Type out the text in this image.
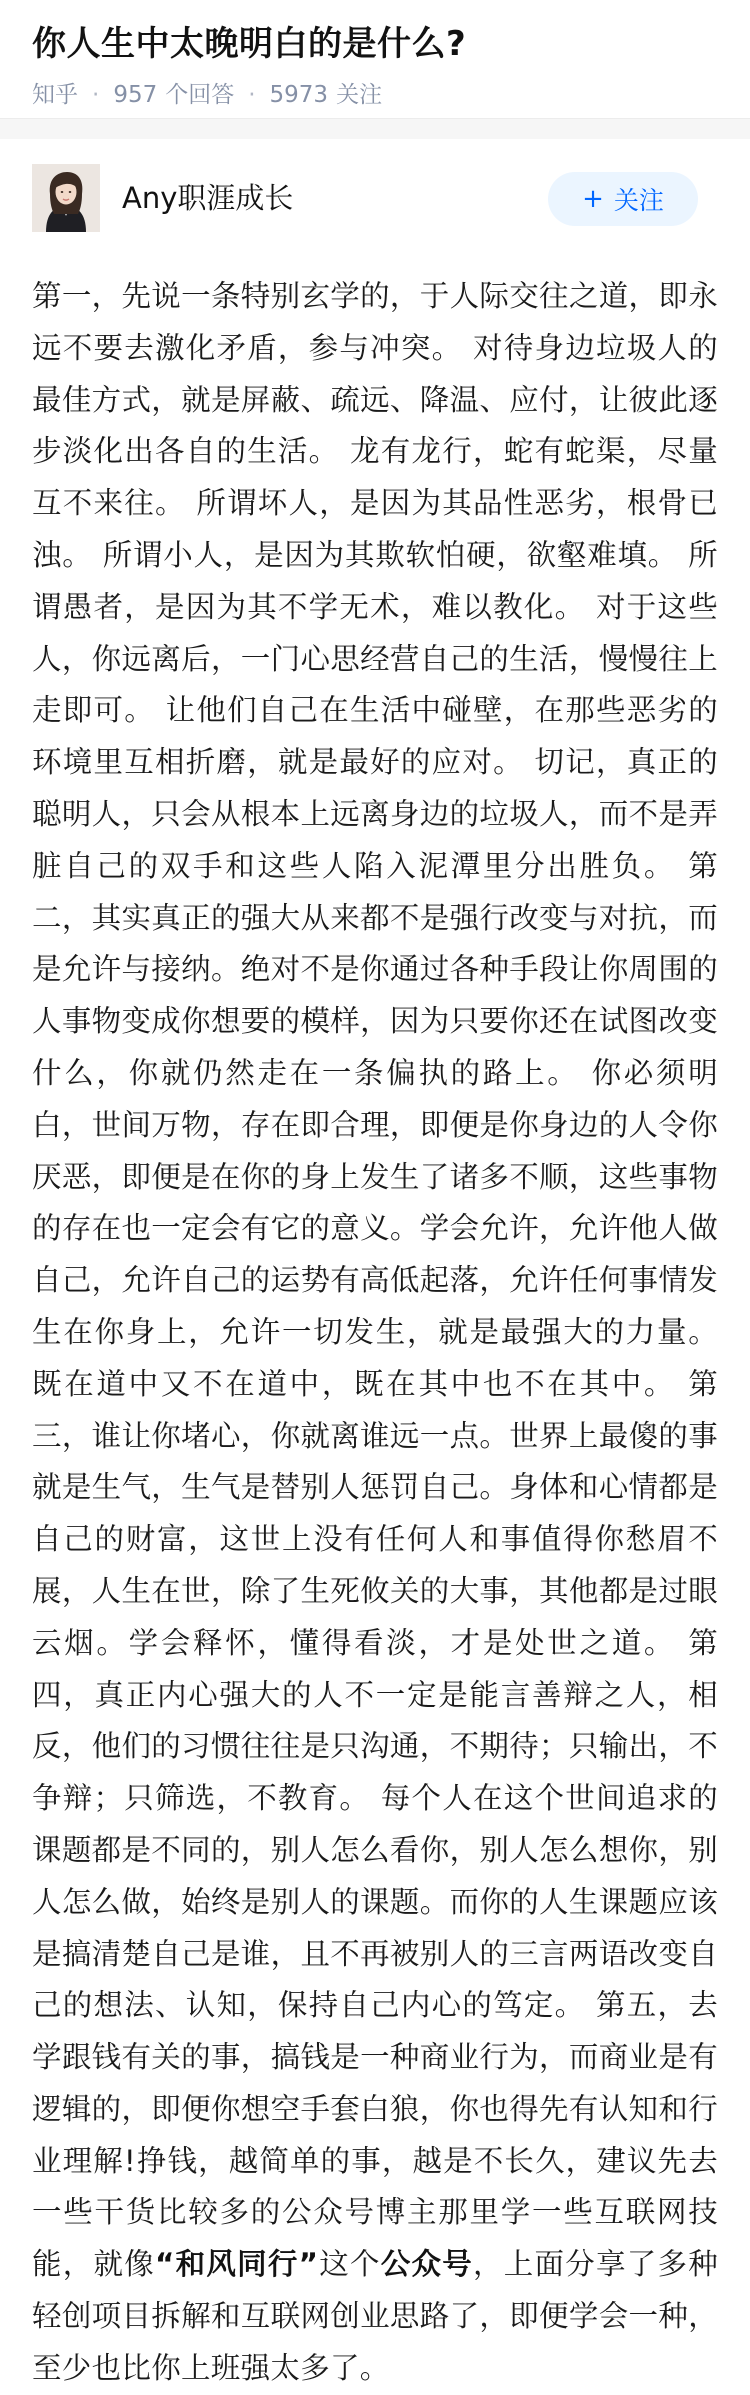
你人生中太晚明白的是什么?
知乎 · 957 个回答 · 5973 关注
Any职涯成长	+ 关注

第一，先说一条特别玄学的，于人际交往之道，即永远不要去激化矛盾，参与冲突。 对待身边垃圾人的最佳方式，就是屏蔽、疏远、降温、应付，让彼此逐步淡化出各自的生活。 龙有龙行，蛇有蛇渠，尽量互不来往。 所谓坏人，是因为其品性恶劣，根骨已浊。 所谓小人，是因为其欺软怕硬，欲壑难填。 所谓愚者，是因为其不学无术，难以教化。 对于这些人，你远离后，一门心思经营自己的生活，慢慢往上走即可。 让他们自己在生活中碰壁，在那些恶劣的环境里互相折磨，就是最好的应对。 切记，真正的聪明人，只会从根本上远离身边的垃圾人，而不是弄脏自己的双手和这些人陷入泥潭里分出胜负。 第二，其实真正的强大从来都不是强行改变与对抗，而是允许与接纳。绝对不是你通过各种手段让你周围的人事物变成你想要的模样，因为只要你还在试图改变什么，你就仍然走在一条偏执的路上。 你必须明白，世间万物，存在即合理，即便是你身边的人令你厌恶，即便是在你的身上发生了诸多不顺，这些事物的存在也一定会有它的意义。学会允许，允许他人做自己，允许自己的运势有高低起落，允许任何事情发生在你身上，允许一切发生，就是最强大的力量。 既在道中又不在道中，既在其中也不在其中。 第三，谁让你堵心，你就离谁远一点。世界上最傻的事就是生气，生气是替别人惩罚自己。身体和心情都是自己的财富，这世上没有任何人和事值得你愁眉不展，人生在世，除了生死攸关的大事，其他都是过眼云烟。学会释怀，懂得看淡，才是处世之道。 第四，真正内心强大的人不一定是能言善辩之人，相反，他们的习惯往往是只沟通，不期待；只输出，不争辩；只筛选，不教育。 每个人在这个世间追求的课题都是不同的，别人怎么看你，别人怎么想你，别人怎么做，始终是别人的课题。而你的人生课题应该是搞清楚自己是谁，且不再被别人的三言两语改变自己的想法、认知，保持自己内心的笃定。 第五，去学跟钱有关的事，搞钱是一种商业行为，而商业是有逻辑的，即便你想空手套白狼，你也得先有认知和行业理解!挣钱，越简单的事，越是不长久，建议先去一些干货比较多的公众号博主那里学一些互联网技能，就像“和风同行”这个公众号，上面分享了多种轻创项目拆解和互联网创业思路了，即便学会一种，至少也比你上班强太多了。
